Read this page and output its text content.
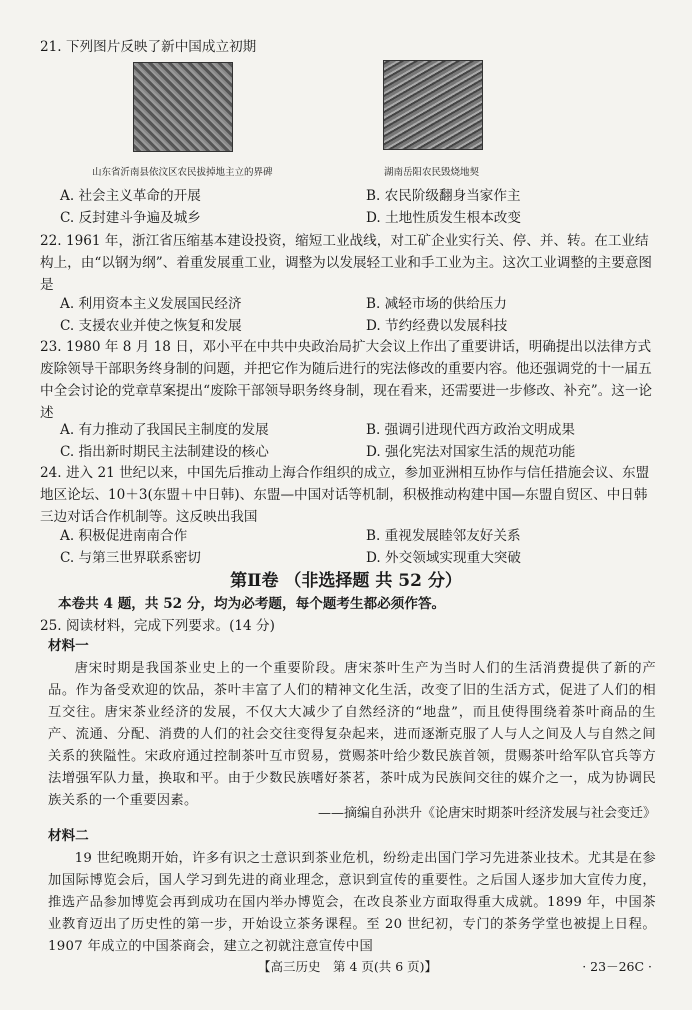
21. 下列图片反映了新中国成立初期

山东省沂南县依汶区农民拔掉地主立的界碑	湖南岳阳农民毁烧地契
A. 社会主义革命的开展	B. 农民阶级翻身当家作主
C. 反封建斗争遍及城乡	D. 土地性质发生根本改变

22. 1961 年，浙江省压缩基本建设投资，缩短工业战线，对工矿企业实行关、停、并、转。在工业结构上，由“以钢为纲”、着重发展重工业，调整为以发展轻工业和手工业为主。这次工业调整的主要意图是

A. 利用资本主义发展国民经济	B. 减轻市场的供给压力
C. 支援农业并使之恢复和发展	D. 节约经费以发展科技

23. 1980 年 8 月 18 日，邓小平在中共中央政治局扩大会议上作出了重要讲话，明确提出以法律方式废除领导干部职务终身制的问题，并把它作为随后进行的宪法修改的重要内容。他还强调党的十一届五中全会讨论的党章草案提出“废除干部领导职务终身制，现在看来，还需要进一步修改、补充”。这一论述

A. 有力推动了我国民主制度的发展	B. 强调引进现代西方政治文明成果
C. 指出新时期民主法制建设的核心	D. 强化宪法对国家生活的规范功能

24. 进入 21 世纪以来，中国先后推动上海合作组织的成立，参加亚洲相互协作与信任措施会议、东盟地区论坛、10＋3(东盟＋中日韩)、东盟—中国对话等机制，积极推动构建中国—东盟自贸区、中日韩三边对话合作机制等。这反映出我国

A. 积极促进南南合作	B. 重视发展睦邻友好关系
C. 与第三世界联系密切	D. 外交领域实现重大突破
第Ⅱ卷 （非选择题 共 52 分）
本卷共 4 题，共 52 分，均为必考题，每个题考生都必须作答。
25. 阅读材料，完成下列要求。(14 分)
材料一

唐宋时期是我国茶业史上的一个重要阶段。唐宋茶叶生产为当时人们的生活消费提供了新的产品。作为备受欢迎的饮品，茶叶丰富了人们的精神文化生活，改变了旧的生活方式，促进了人们的相互交往。唐宋茶业经济的发展，不仅大大减少了自然经济的“地盘”，而且使得围绕着茶叶商品的生产、流通、分配、消费的人们的社会交往变得复杂起来，进而逐渐克服了人与人之间及人与自然之间关系的狭隘性。宋政府通过控制茶叶互市贸易，赏赐茶叶给少数民族首领，贯赐茶叶给军队官兵等方法增强军队力量，换取和平。由于少数民族嗜好茶茗，茶叶成为民族间交往的媒介之一，成为协调民族关系的一个重要因素。

——摘编自孙洪升《论唐宋时期茶叶经济发展与社会变迁》
材料二

19 世纪晚期开始，许多有识之士意识到茶业危机，纷纷走出国门学习先进茶业技术。尤其是在参加国际博览会后，国人学习到先进的商业理念，意识到宣传的重要性。之后国人逐步加大宣传力度，推选产品参加博览会再到成功在国内举办博览会，在改良茶业方面取得重大成就。1899 年，中国茶业教育迈出了历史性的第一步，开始设立茶务课程。至 20 世纪初，专门的茶务学堂也被提上日程。1907 年成立的中国茶商会，建立之初就注意宣传中国

【高三历史　第 4 页(共 6 页)】	· 23－26C ·
